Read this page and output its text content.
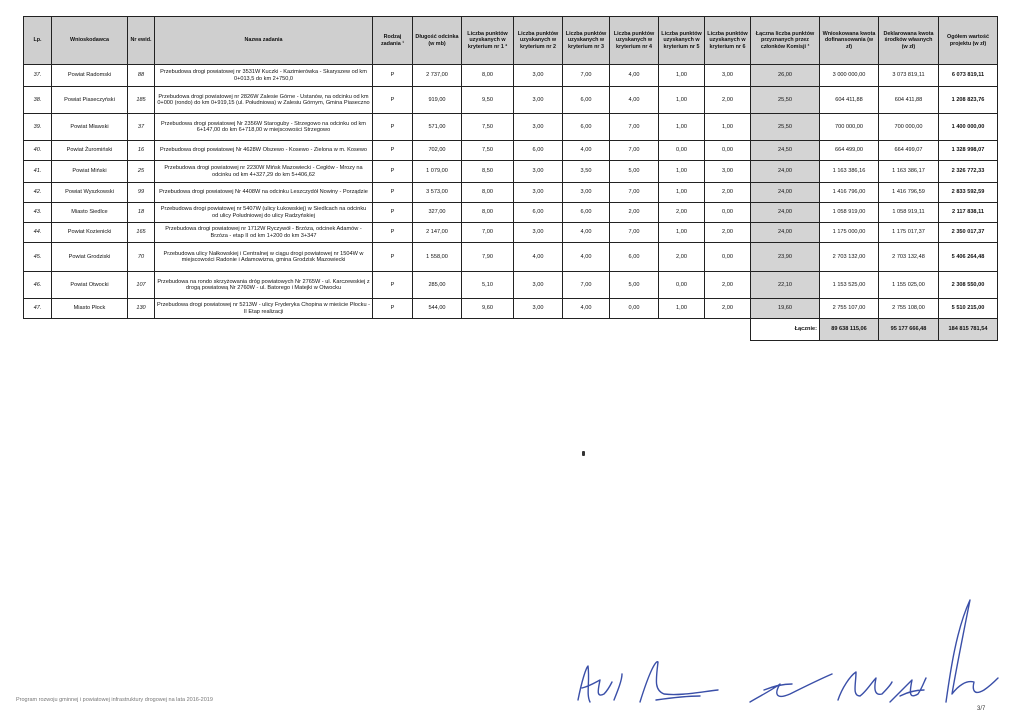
Lp.	Wnioskodawca	Nr ewid.	Nazwa zadania	Rodzaj zadania ¹	Długość odcinka (w mb)	Liczba punktów uzyskanych w kryterium nr 1 ²	Liczba punktów uzyskanych w kryterium nr 2	Liczba punktów uzyskanych w kryterium nr 3	Liczba punktów uzyskanych w kryterium nr 4	Liczba punktów uzyskanych w kryterium nr 5	Liczba punktów uzyskanych w kryterium nr 6	Łączna liczba punktów przyznanych przez członków Komisji ³	Wnioskowana kwota dofinansowania (w zł)	Deklarowana kwota środków własnych (w zł)	Ogółem wartość projektu (w zł)
37.	Powiat Radomski	88	Przebudowa drogi powiatowej nr 3531W Kuczki - Kazimierówka - Skaryszew od km 0+013,5 do km 2+750,0	P	2 737,00	8,00	3,00	7,00	4,00	1,00	3,00	26,00	3 000 000,00	3 073 819,11	6 073 819,11
38.	Powiat Piaseczyński	185	Przebudowa drogi powiatowej nr 2826W Zalesie Górne - Ustanów, na odcinku od km 0+000 (rondo) do km 0+919,15 (ul. Południowa) w Zalesiu Górnym, Gmina Piaseczno	P	919,00	9,50	3,00	6,00	4,00	1,00	2,00	25,50	604 411,88	604 411,88	1 208 823,76
39.	Powiat Mławski	37	Przebudowa drogi powiatowej Nr 2356W Staroguby - Strzegowo na odcinku od km 6+147,00 do km 6+718,00 w miejscowości Strzegowo	P	571,00	7,50	3,00	6,00	7,00	1,00	1,00	25,50	700 000,00	700 000,00	1 400 000,00
40.	Powiat Żuromiński	16	Przebudowa drogi powiatowej Nr 4628W Olszewo - Kosewo - Zielona w m. Kosewo	P	702,00	7,50	6,00	4,00	7,00	0,00	0,00	24,50	664 499,00	664 499,07	1 328 998,07
41.	Powiat Miński	25	Przebudowa drogi powiatowej nr 2230W Mińsk Mazowiecki - Cegłów - Mrozy na odcinku od km 4+327,29 do km 5+406,62	P	1 079,00	8,50	3,00	3,50	5,00	1,00	3,00	24,00	1 163 386,16	1 163 386,17	2 326 772,33
42.	Powiat Wyszkowski	99	Przebudowa drogi powiatowej Nr 4408W na odcinku Leszczydół Nowiny - Porządzie	P	3 573,00	8,00	3,00	3,00	7,00	1,00	2,00	24,00	1 416 796,00	1 416 796,59	2 833 592,59
43.	Miasto Siedlce	18	Przebudowa drogi powiatowej nr 5407W (ulicy Łukowskiej) w Siedlcach na odcinku od ulicy Południowej do ulicy Radzyńskiej	P	327,00	8,00	6,00	6,00	2,00	2,00	0,00	24,00	1 058 919,00	1 058 919,11	2 117 838,11
44.	Powiat Kozienicki	165	Przebudowa drogi powiatowej nr 1712W Ryczywół - Brzóza, odcinek Adamów - Brzóza - etap II od km 1+200 do km 3+347	P	2 147,00	7,00	3,00	4,00	7,00	1,00	2,00	24,00	1 175 000,00	1 175 017,37	2 350 017,37
45.	Powiat Grodziski	70	Przebudowa ulicy Nałkowskiej i Centralnej w ciągu drogi powiatowej nr 1504W w miejscowości Radonie i Adamowizna, gmina Grodzisk Mazowiecki	P	1 558,00	7,90	4,00	4,00	6,00	2,00	0,00	23,90	2 703 132,00	2 703 132,48	5 406 264,48
46.	Powiat Otwocki	107	Przebudowa na rondo skrzyżowania dróg powiatowych Nr 2765W - ul. Karczewskiej z drogą powiatową Nr 2760W - ul. Batorego i Matejki w Otwocku	P	285,00	5,10	3,00	7,00	5,00	0,00	2,00	22,10	1 153 525,00	1 155 025,00	2 308 550,00
47.	Miasto Płock	130	Przebudowa drogi powiatowej nr 5213W - ulicy Fryderyka Chopina w mieście Płocku - II Etap realizacji	P	544,00	9,60	3,00	4,00	0,00	1,00	2,00	19,60	2 755 107,00	2 755 108,00	5 510 215,00
												Łącznie:	89 638 115,06	95 177 666,48	184 815 781,54
Program rozwoju gminnej i powiatowej infrastruktury drogowej na lata 2016-2019
3/7
